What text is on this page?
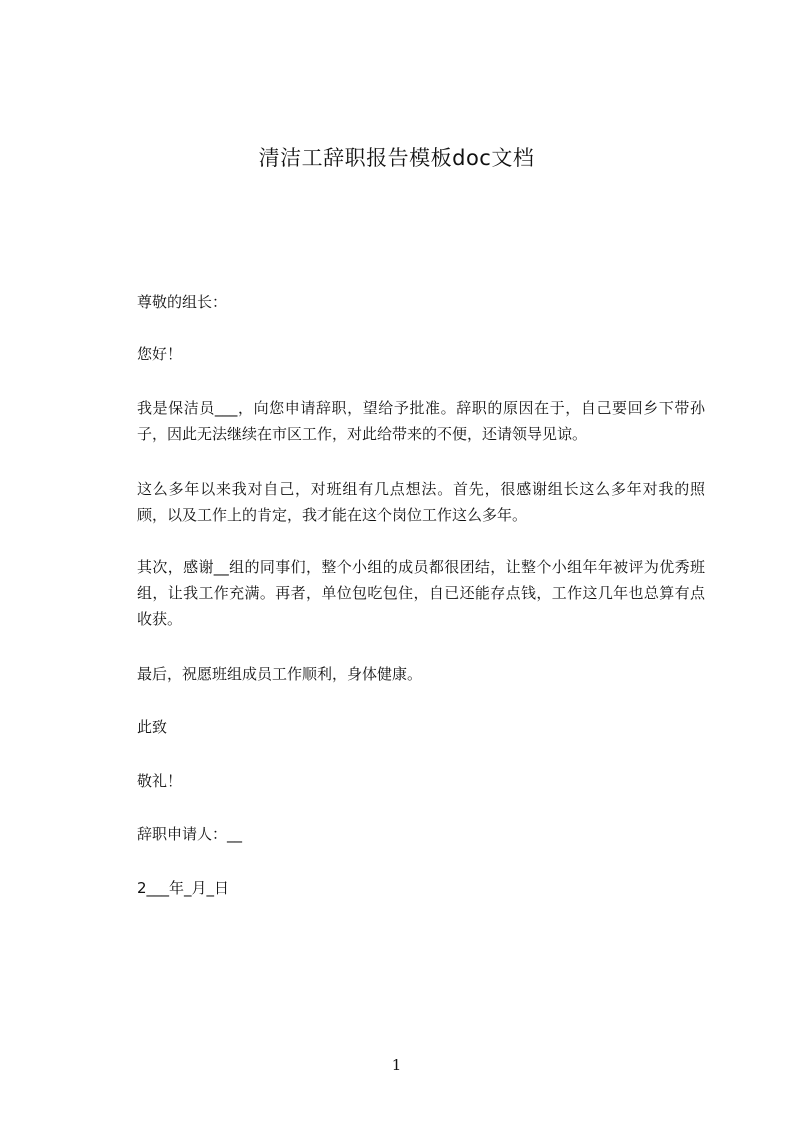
清洁工辞职报告模板doc文档
尊敬的组长：
您好！
我是保洁员___，向您申请辞职，望给予批准。辞职的原因在于，自己要回乡下带孙子，因此无法继续在市区工作，对此给带来的不便，还请领导见谅。
这么多年以来我对自己，对班组有几点想法。首先，很感谢组长这么多年对我的照顾，以及工作上的肯定，我才能在这个岗位工作这么多年。
其次，感谢__组的同事们，整个小组的成员都很团结，让整个小组年年被评为优秀班组，让我工作充满。再者，单位包吃包住，自已还能存点钱，工作这几年也总算有点收获。
最后，祝愿班组成员工作顺利，身体健康。
此致
敬礼！
辞职申请人：__
2___年_月_日
1
